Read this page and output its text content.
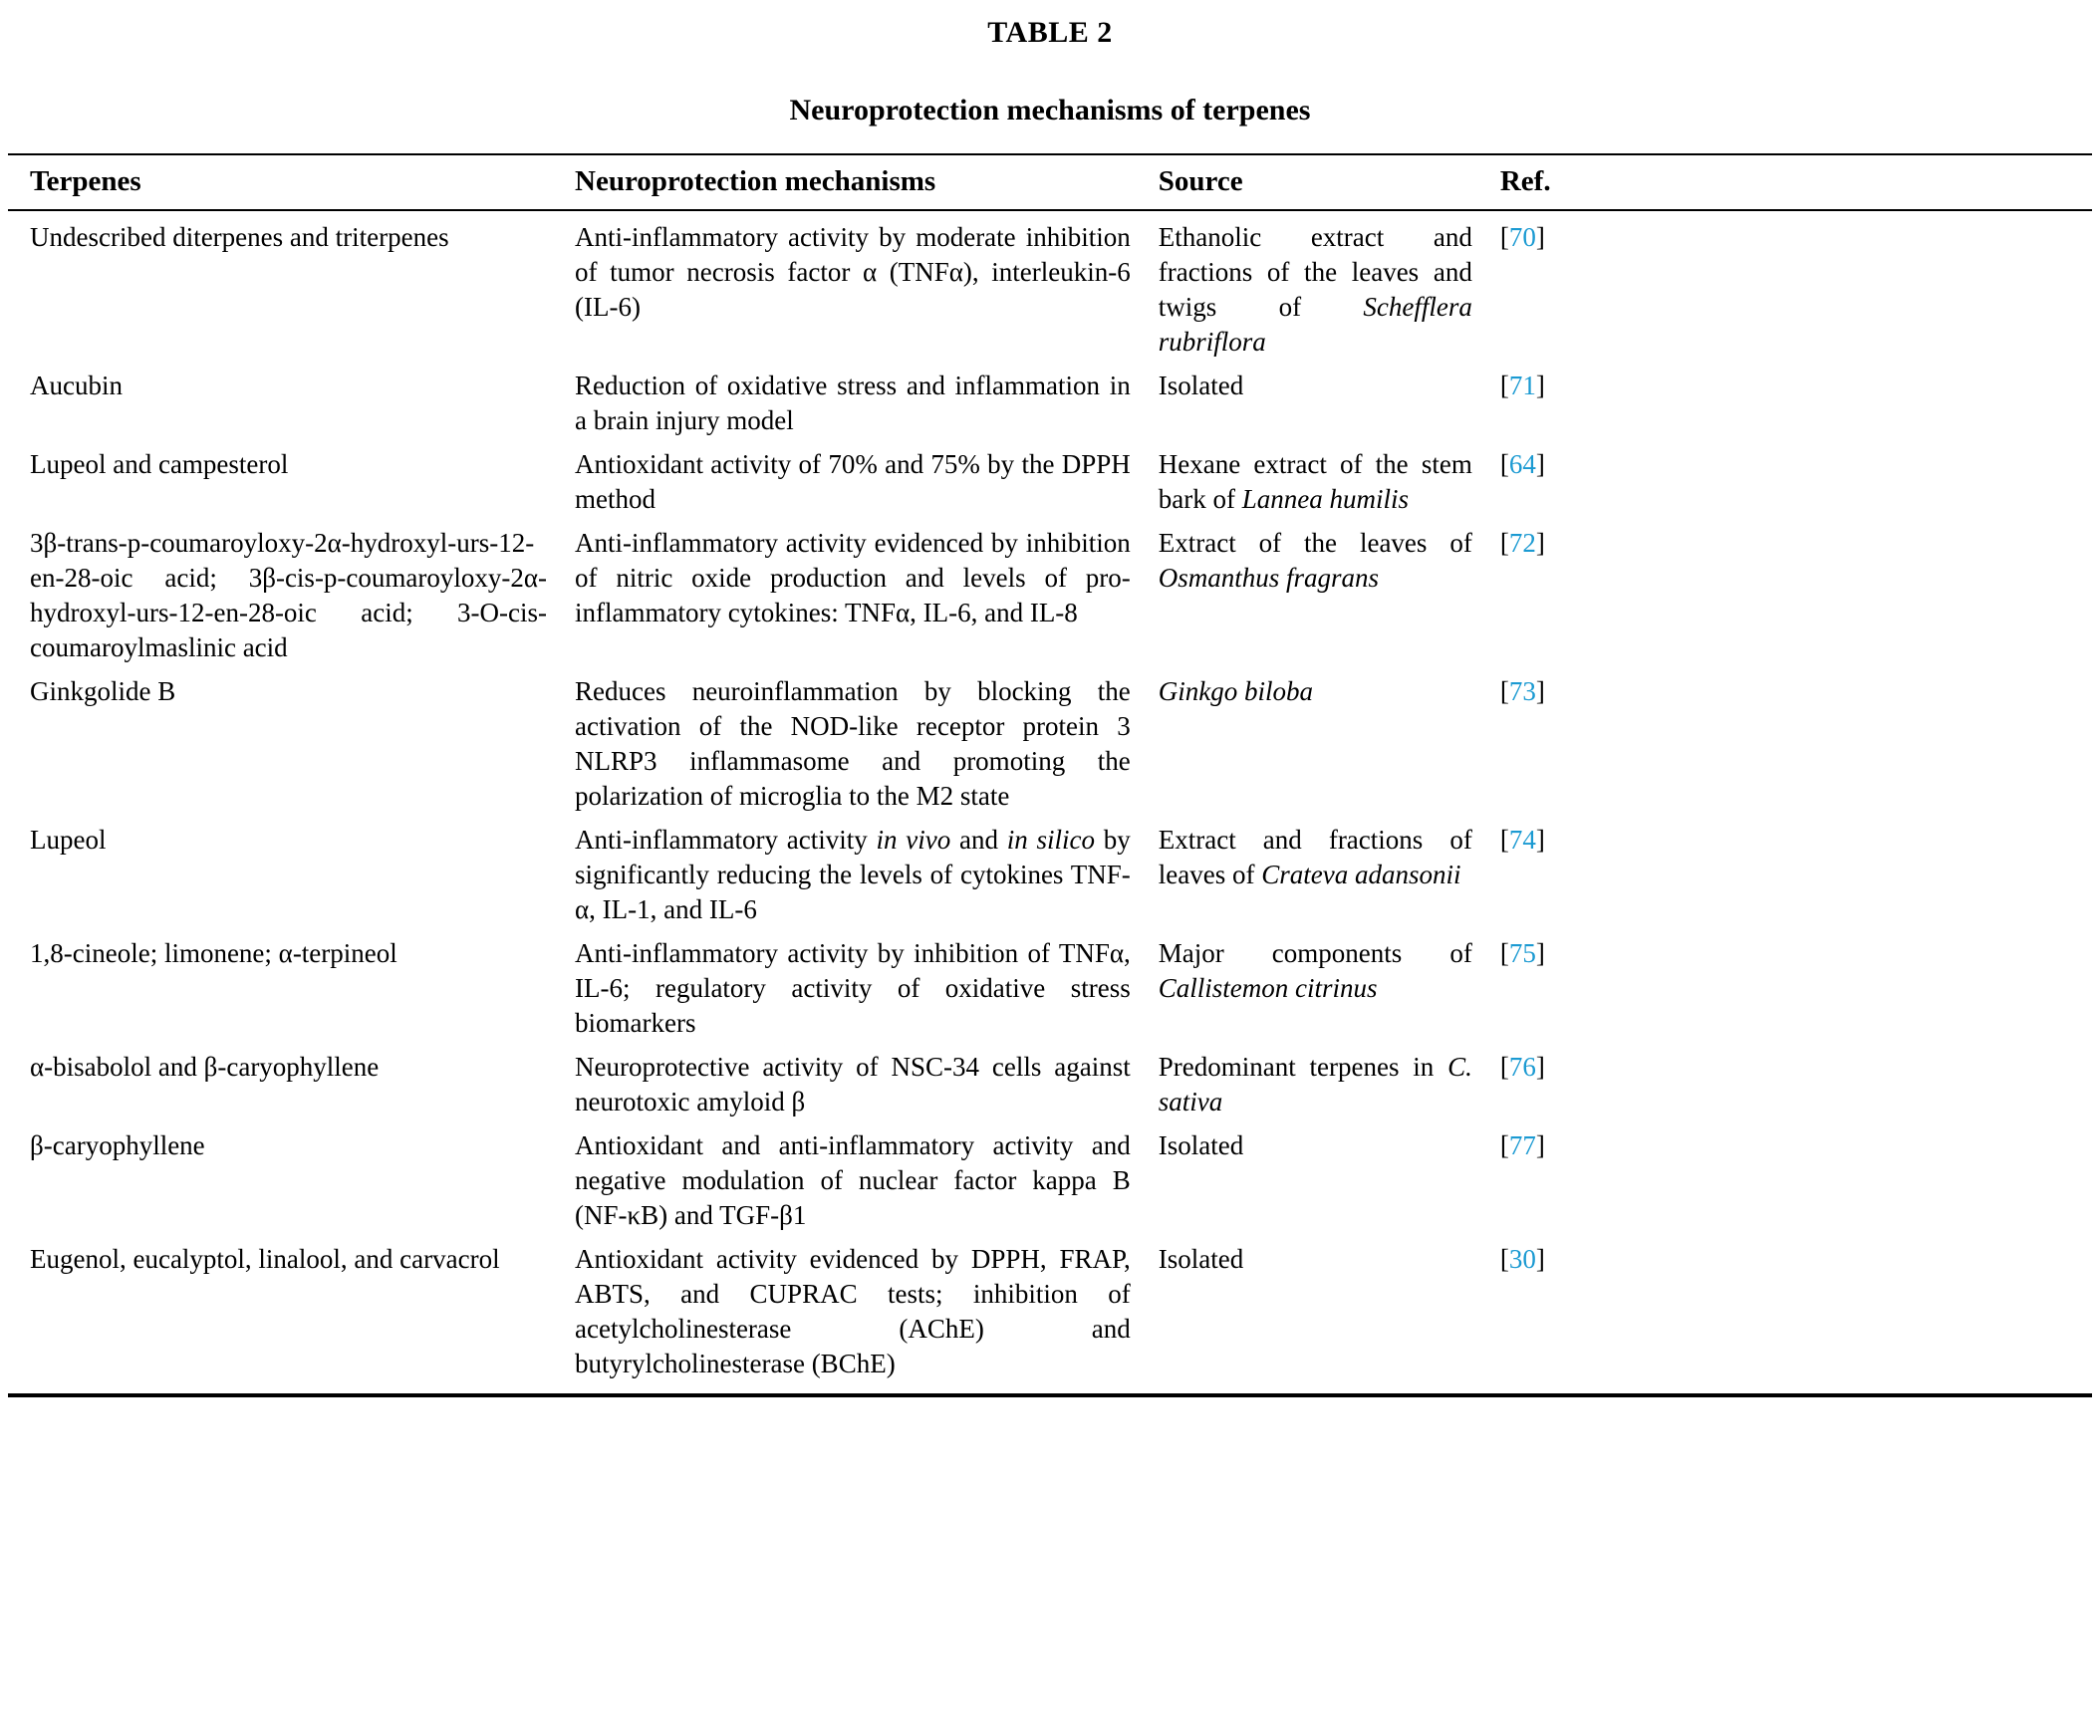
TABLE 2
Neuroprotection mechanisms of terpenes
Terpenes	Neuroprotection mechanisms	Source	Ref.
Undescribed diterpenes and triterpenes	Anti-inflammatory activity by moderate inhibition of tumor necrosis factor α (TNFα), interleukin-6 (IL-6)	Ethanolic extract and fractions of the leaves and twigs of Schefflera rubriflora	[70]
Aucubin	Reduction of oxidative stress and inflammation in a brain injury model	Isolated	[71]
Lupeol and campesterol	Antioxidant activity of 70% and 75% by the DPPH method	Hexane extract of the stem bark of Lannea humilis	[64]
3β-trans-p-coumaroyloxy-2α-hydroxyl-urs-12-en-28-oic acid; 3β-cis-p-coumaroyloxy-2α-hydroxyl-urs-12-en-28-oic acid; 3-O-cis-coumaroylmaslinic acid	Anti-inflammatory activity evidenced by inhibition of nitric oxide production and levels of pro-inflammatory cytokines: TNFα, IL-6, and IL-8	Extract of the leaves of Osmanthus fragrans	[72]
Ginkgolide B	Reduces neuroinflammation by blocking the activation of the NOD-like receptor protein 3 NLRP3 inflammasome and promoting the polarization of microglia to the M2 state	Ginkgo biloba	[73]
Lupeol	Anti-inflammatory activity in vivo and in silico by significantly reducing the levels of cytokines TNF-α, IL-1, and IL-6	Extract and fractions of leaves of Crateva adansonii	[74]
1,8-cineole; limonene; α-terpineol	Anti-inflammatory activity by inhibition of TNFα, IL-6; regulatory activity of oxidative stress biomarkers	Major components of Callistemon citrinus	[75]
α-bisabolol and β-caryophyllene	Neuroprotective activity of NSC-34 cells against neurotoxic amyloid β	Predominant terpenes in C. sativa	[76]
β-caryophyllene	Antioxidant and anti-inflammatory activity and negative modulation of nuclear factor kappa B (NF-κB) and TGF-β1	Isolated	[77]
Eugenol, eucalyptol, linalool, and carvacrol	Antioxidant activity evidenced by DPPH, FRAP, ABTS, and CUPRAC tests; inhibition of acetylcholinesterase (AChE) and butyrylcholinesterase (BChE)	Isolated	[30]
